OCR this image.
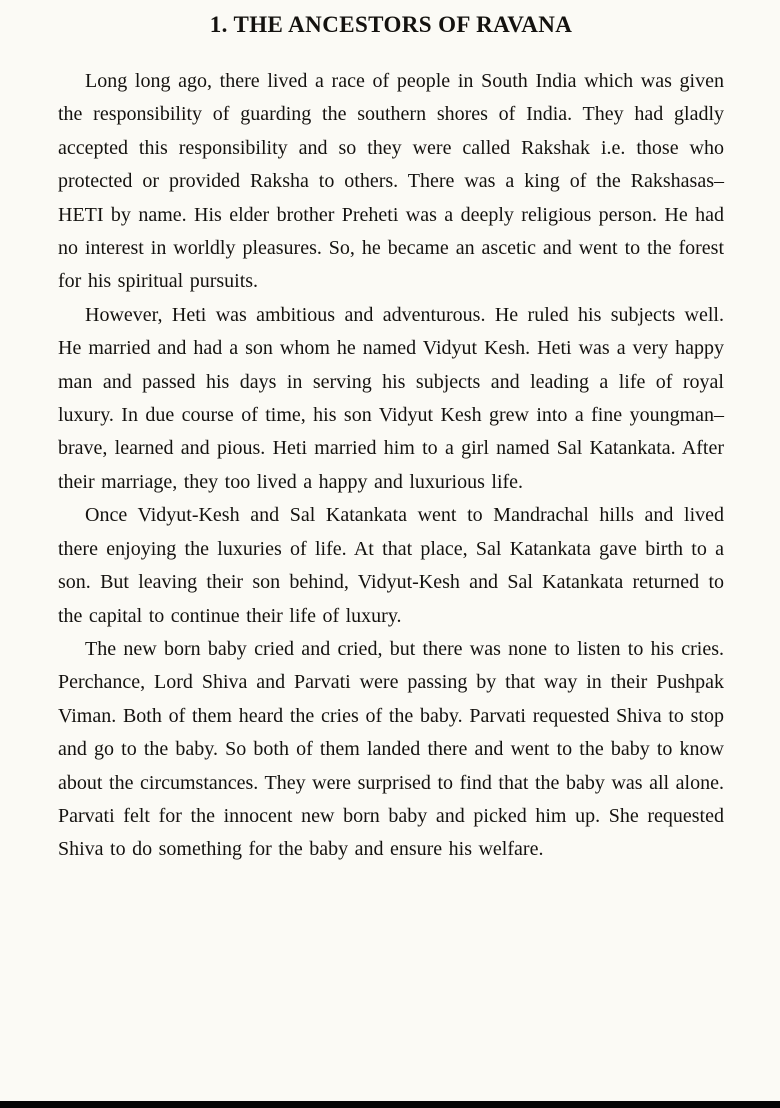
1. THE ANCESTORS OF RAVANA

Long long ago, there lived a race of people in South India which was given the responsibility of guarding the southern shores of India. They had gladly accepted this responsibility and so they were called Rakshak i.e. those who protected or provided Raksha to others. There was a king of the Rakshasas–HETI by name. His elder brother Preheti was a deeply religious person. He had no interest in worldly pleasures. So, he became an ascetic and went to the forest for his spiritual pursuits.

However, Heti was ambitious and adventurous. He ruled his subjects well. He married and had a son whom he named Vidyut Kesh. Heti was a very happy man and passed his days in serving his subjects and leading a life of royal luxury. In due course of time, his son Vidyut Kesh grew into a fine youngman–brave, learned and pious. Heti married him to a girl named Sal Katankata. After their marriage, they too lived a happy and luxurious life.

Once Vidyut-Kesh and Sal Katankata went to Mandrachal hills and lived there enjoying the luxuries of life. At that place, Sal Katankata gave birth to a son. But leaving their son behind, Vidyut-Kesh and Sal Katankata returned to the capital to continue their life of luxury.

The new born baby cried and cried, but there was none to listen to his cries. Perchance, Lord Shiva and Parvati were passing by that way in their Pushpak Viman. Both of them heard the cries of the baby. Parvati requested Shiva to stop and go to the baby. So both of them landed there and went to the baby to know about the circumstances. They were surprised to find that the baby was all alone. Parvati felt for the innocent new born baby and picked him up. She requested Shiva to do something for the baby and ensure his welfare.
